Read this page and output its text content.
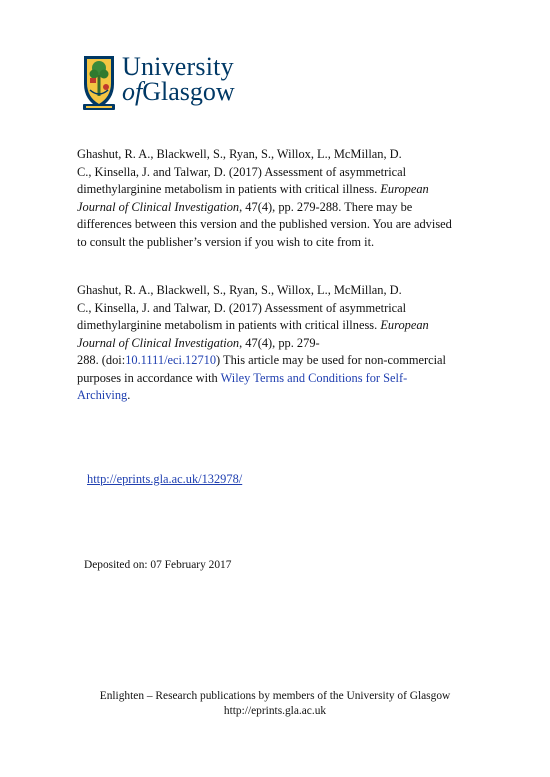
University
ofGlasgow
Ghashut, R. A., Blackwell, S., Ryan, S., Willox, L., McMillan, D.
C., Kinsella, J. and Talwar, D. (2017) Assessment of asymmetrical
dimethylarginine metabolism in patients with critical illness. European
Journal of Clinical Investigation, 47(4), pp. 279-288. There may be
differences between this version and the published version. You are advised
to consult the publisher’s version if you wish to cite from it.
Ghashut, R. A., Blackwell, S., Ryan, S., Willox, L., McMillan, D.
C., Kinsella, J. and Talwar, D. (2017) Assessment of asymmetrical
dimethylarginine metabolism in patients with critical illness. European
Journal of Clinical Investigation, 47(4), pp. 279-
288. (doi:10.1111/eci.12710) This article may be used for non-commercial
purposes in accordance with Wiley Terms and Conditions for Self-
Archiving.
http://eprints.gla.ac.uk/132978/
Deposited on: 07 February 2017
Enlighten – Research publications by members of the University of Glasgow
http://eprints.gla.ac.uk
